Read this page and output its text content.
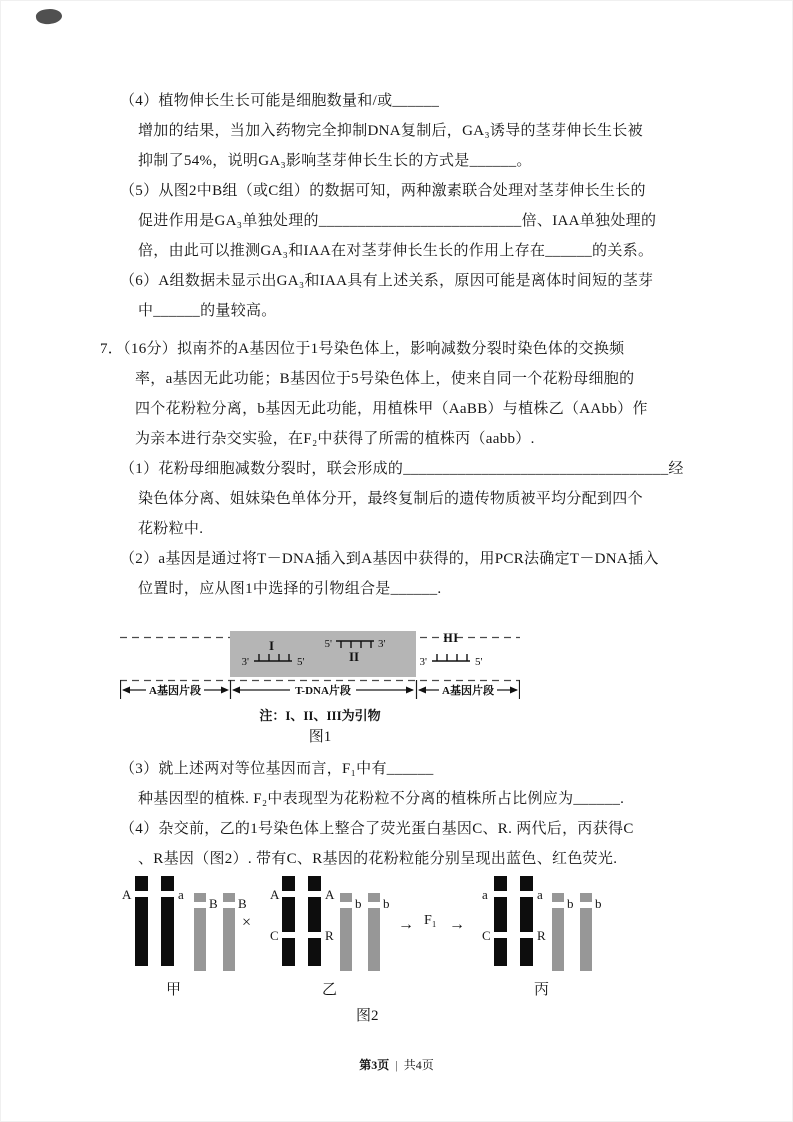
（4）植物伸长生长可能是细胞数量和/或______
增加的结果，当加入药物完全抑制DNA复制后，GA₃诱导的茎芽伸长生长被
抑制了54%，说明GA₃影响茎芽伸长生长的方式是______。
（5）从图2中B组（或C组）的数据可知，两种激素联合处理对茎芽伸长生长的
促进作用是GA₃单独处理的__________________________倍、IAA单独处理的
倍，由此可以推测GA₃和IAA在对茎芽伸长生长的作用上存在______的关系。
（6）A组数据未显示出GA₃和IAA具有上述关系，原因可能是离体时间短的茎芽
中______的量较高。
7．（16分）拟南芥的A基因位于1号染色体上，影响减数分裂时染色体的交换频
率，a基因无此功能；B基因位于5号染色体上，使来自同一个花粉母细胞的
四个花粉粒分离，b基因无此功能，用植株甲（AaBB）与植株乙（AAbb）作
为亲本进行杂交实验，在F₂中获得了所需的植株丙（aabb）.
（1）花粉母细胞减数分裂时，联会形成的__________________________________经
染色体分离、姐妹染色单体分开，最终复制后的遗传物质被平均分配到四个
花粉粒中.
（2）a基因是通过将T－DNA插入到A基因中获得的，用PCR法确定T－DNA插入
位置时，应从图1中选择的引物组合是______.
I
3'	5'
5'	3'
II
III
3'	5'
A基因片段	T-DNA片段	A基因片段
注：I、II、III为引物
图1
（3）就上述两对等位基因而言，F₁中有______
种基因型的植株. F₂中表现型为花粉粒不分离的植株所占比例应为______.
（4）杂交前，乙的1号染色体上整合了荧光蛋白基因C、R. 两代后，丙获得C
、R基因（图2）. 带有C、R基因的花粉粒能分别呈现出蓝色、红色荧光.
A	a
B B
甲
×
A
C
A
R
b b
乙
→ F₁ →
a
C
a
R
b b
丙
图2
第3页 | 共4页
